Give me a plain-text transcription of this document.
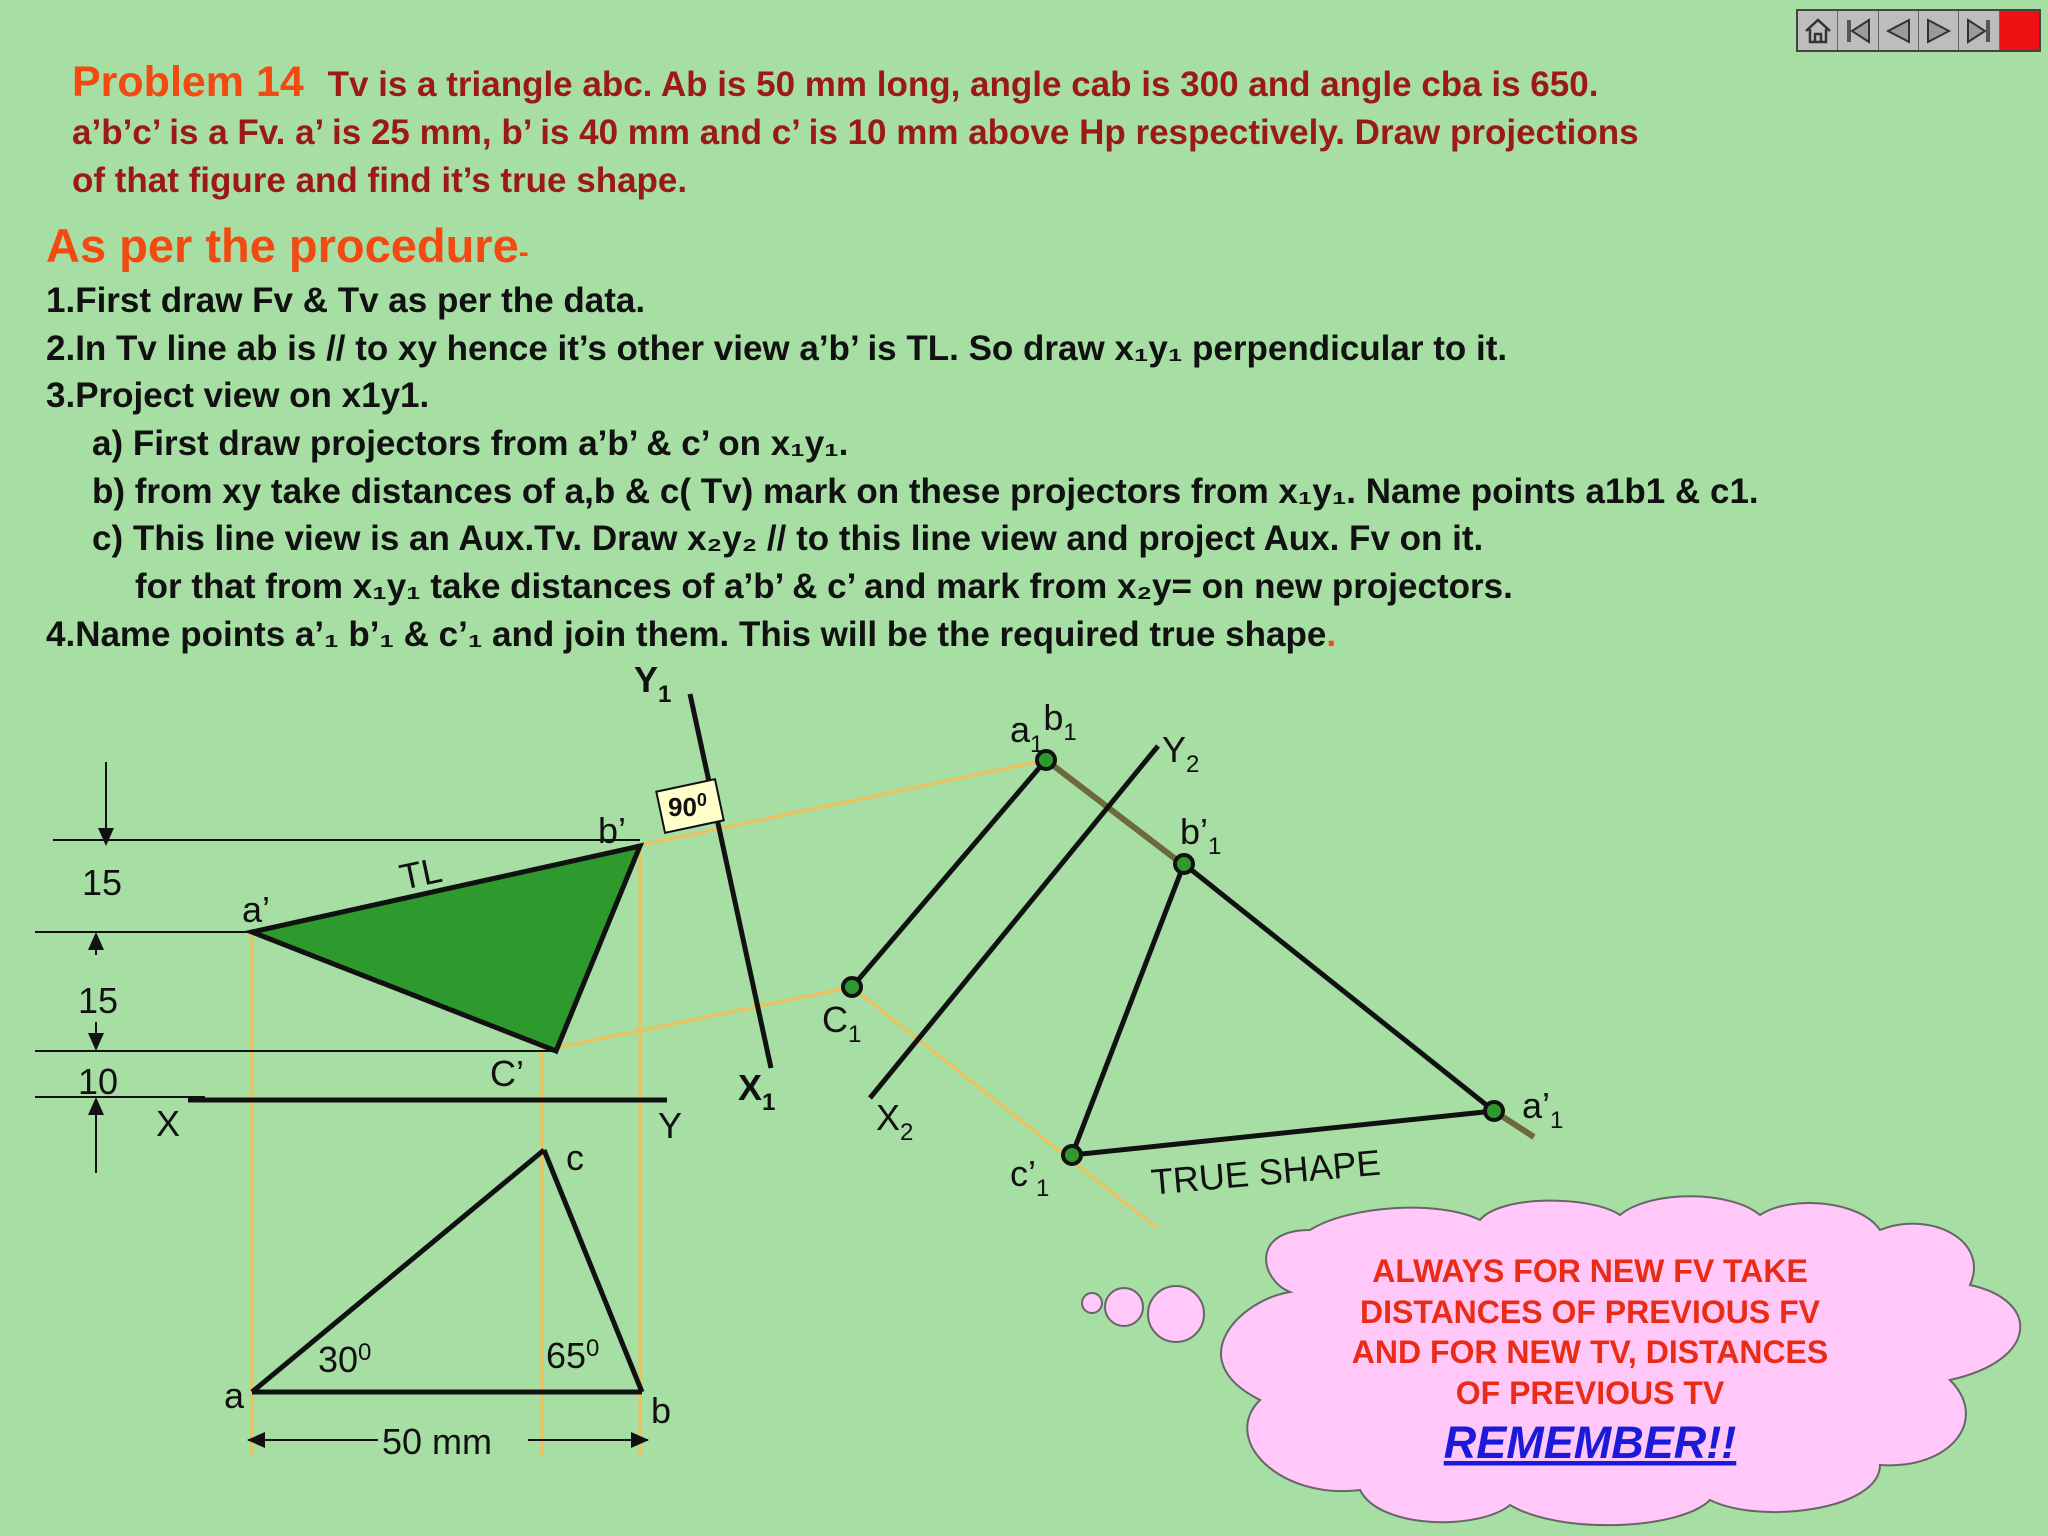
Problem 14 Tv is a triangle abc. Ab is 50 mm long, angle cab is 300 and angle cba is 650.
a’b’c’ is a Fv. a’ is 25 mm, b’ is 40 mm and c’ is 10 mm above Hp respectively. Draw projections
of that figure and find it’s true shape.
As per the procedure-
1.First draw Fv & Tv as per the data.
2.In Tv line ab is // to xy hence it’s other view a’b’ is TL. So draw x₁y₁ perpendicular to it.
3.Project view on x1y1.
a) First draw projectors from a’b’ & c’ on x₁y₁.
b) from xy take distances of a,b & c( Tv) mark on these projectors from x₁y₁. Name points a1b1 & c1.
c) This line view is an Aux.Tv. Draw x₂y₂ // to this line view and project Aux. Fv on it.
for that from x₁y₁ take distances of a’b’ & c’ and mark from x₂y= on new projectors.
4.Name points a’₁ b’₁ & c’₁ and join them. This will be the required true shape.
$90^0$
15
15
10
X	Y
$Y_1$
$X_1$
$Y_2$
$X_2$
a’
b’
C’
TL
a	b
c
$30^0$	$65^0$
50 mm
$a_1b_1$
$C_1$
$b’_1$
$a’_1$
$c’_1$	TRUE SHAPE
ALWAYS FOR NEW FV TAKE
DISTANCES OF PREVIOUS FV
AND FOR NEW TV, DISTANCES
OF PREVIOUS TV
REMEMBER!!
